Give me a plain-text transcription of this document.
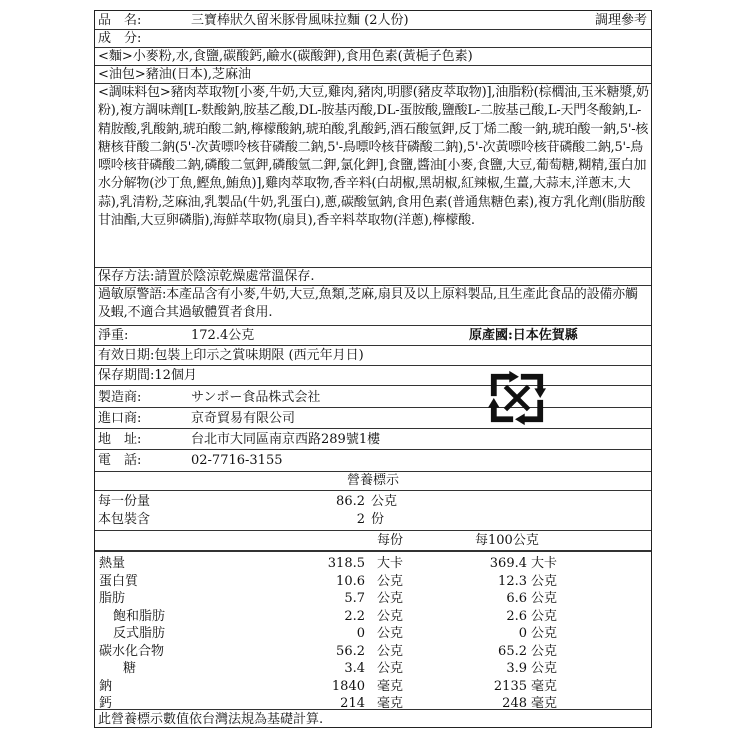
品　名:	三寶棒狀久留米豚骨風味拉麵 (2人份)	調理參考
成　分:
<麵>小麥粉,水,食鹽,碳酸鈣,鹼水(碳酸鉀),食用色素(黃梔子色素)
<油包>豬油(日本),芝麻油
<調味料包>豬肉萃取物[小麥,牛奶,大豆,雞肉,豬肉,明膠(豬皮萃取物)],油脂粉(棕櫚油,玉米糖漿,奶粉),複方調味劑[L-麩酸鈉,胺基乙酸,DL-胺基丙酸,DL-蛋胺酸,鹽酸L-二胺基己酸,L-天門冬酸鈉,L-精胺酸,乳酸鈉,琥珀酸二鈉,檸檬酸鈉,琥珀酸,乳酸鈣,酒石酸氫鉀,反丁烯二酸一鈉,琥珀酸一鈉,5'-核糖核苷酸二鈉(5'-次黃嘌呤核苷磷酸二鈉,5'-鳥嘌呤核苷磷酸二鈉),5'-次黃嘌呤核苷磷酸二鈉,5'-鳥嘌呤核苷磷酸二鈉,磷酸二氫鉀,磷酸氫二鉀,氯化鉀],食鹽,醬油[小麥,食鹽,大豆,葡萄糖,糊精,蛋白加水分解物(沙丁魚,鰹魚,鮪魚)],雞肉萃取物,香辛料(白胡椒,黑胡椒,紅辣椒,生薑,大蒜末,洋蔥末,大蒜),乳清粉,芝麻油,乳製品(牛奶,乳蛋白),蔥,碳酸氫鈉,食用色素(普通焦糖色素),複方乳化劑(脂肪酸甘油酯,大豆卵磷脂),海鮮萃取物(扇貝),香辛料萃取物(洋蔥),檸檬酸.
保存方法:請置於陰涼乾燥處常溫保存.
過敏原警語:本產品含有小麥,牛奶,大豆,魚類,芝麻,扇貝及以上原料製品,且生產此食品的設備亦觸及蝦,不適合其過敏體質者食用.
淨重:	172.4公克	原產國:日本佐賀縣
有效日期:包裝上印示之賞味期限 (西元年月日)
保存期間:12個月
製造商:	サンポー食品株式会社
進口商:	京奇貿易有限公司
地　址:	台北市大同區南京西路289號1樓
電　話:	02-7716-3155
營養標示
每一份量	86.2 公克
本包裝含	2 份
每份	每100公克
熱量	318.5 大卡	369.4 大卡
蛋白質	10.6 公克	12.3 公克
脂肪	5.7 公克	6.6 公克
飽和脂肪	2.2 公克	2.6 公克
反式脂肪	0 公克	0 公克
碳水化合物	56.2 公克	65.2 公克
糖	3.4 公克	3.9 公克
鈉	1840 毫克	2135 毫克
鈣	214 毫克	248 毫克
此營養標示數值依台灣法規為基礎計算.
